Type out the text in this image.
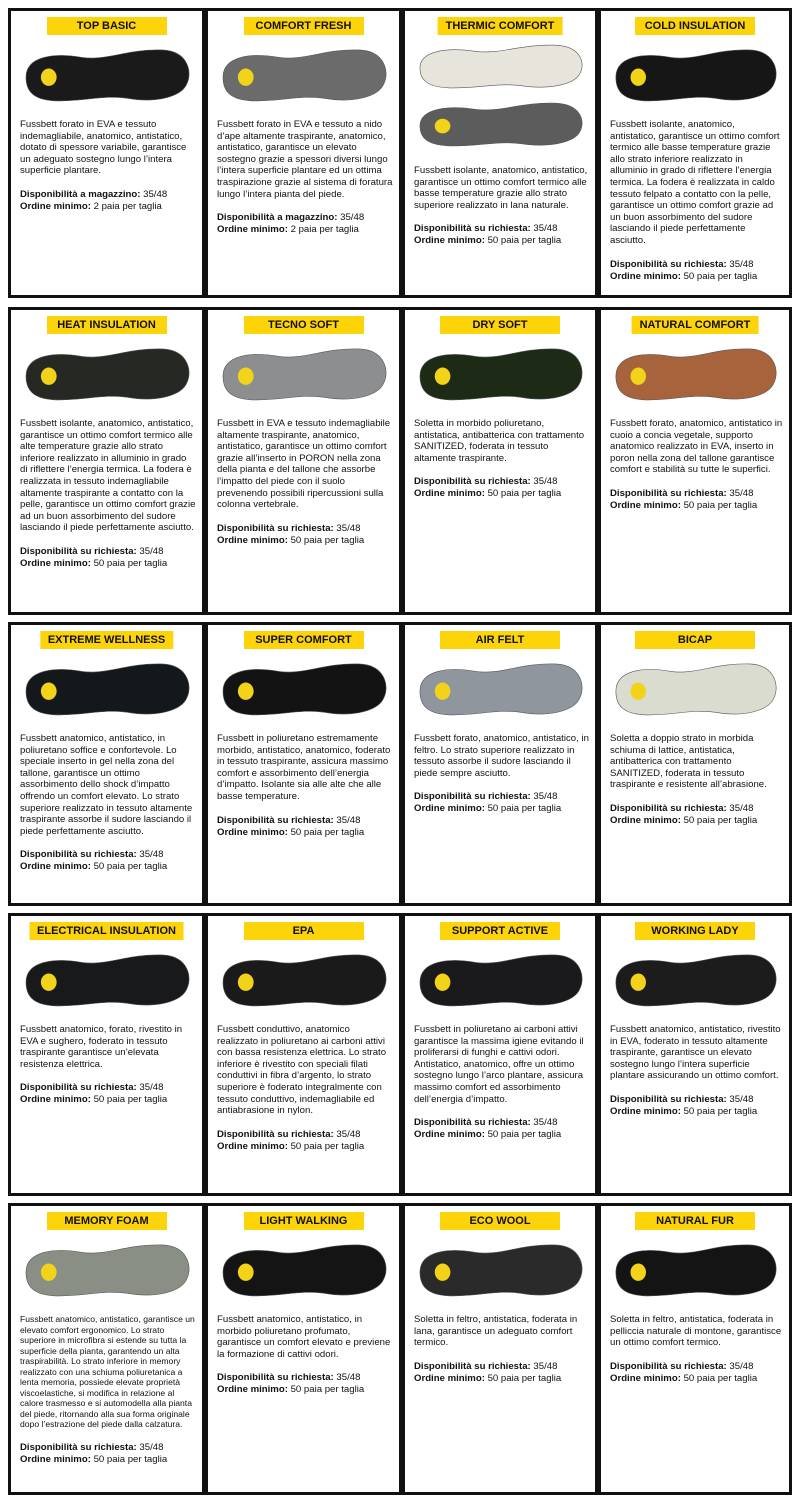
TOP BASIC
Fussbett forato in EVA e tessuto indemagliabile, anatomico, antistatico, dotato di spessore variabile, garantisce un adeguato sostegno lungo l’intera superficie plantare.
Disponibilità a magazzino: 35/48
Ordine minimo: 2 paia per taglia
COMFORT FRESH
Fussbett forato in EVA e tessuto a nido d’ape altamente traspirante, anatomico, antistatico, garantisce un elevato sostegno grazie a spessori diversi lungo l’intera superficie plantare ed un ottima traspirazione grazie al sistema di foratura lungo l’intera pianta del piede.
Disponibilità a magazzino: 35/48
Ordine minimo: 2 paia per taglia
THERMIC COMFORT
Fussbett isolante, anatomico, antistatico, garantisce un ottimo comfort termico alle basse temperature grazie allo strato superiore realizzato in lana naturale.
Disponibilità su richiesta: 35/48
Ordine minimo: 50 paia per taglia
COLD INSULATION
Fussbett isolante, anatomico, antistatico, garantisce un ottimo comfort termico alle basse temperature grazie allo strato inferiore realizzato in alluminio in grado di riflettere l’energia termica. La fodera è realizzata in caldo tessuto felpato a contatto con la pelle, garantisce un ottimo comfort grazie ad un buon assorbimento del sudore lasciando il piede perfettamente asciutto.
Disponibilità su richiesta: 35/48
Ordine minimo: 50 paia per taglia
HEAT INSULATION
Fussbett isolante, anatomico, antistatico, garantisce un ottimo comfort termico alle alte temperature grazie allo strato inferiore realizzato in alluminio in grado di riflettere l’energia termica. La fodera è realizzata in tessuto indemagliabile altamente traspirante a contatto con la pelle, garantisce un ottimo comfort grazie ad un buon assorbimento del sudore lasciando il piede perfettamente asciutto.
Disponibilità su richiesta: 35/48
Ordine minimo: 50 paia per taglia
TECNO SOFT
Fussbett in EVA e tessuto indemagliabile altamente traspirante, anatomico, antistatico, garantisce un ottimo comfort grazie all’inserto in PORON nella zona della pianta e del tallone che assorbe l’impatto del piede con il suolo prevenendo possibili ripercussioni sulla colonna vertebrale.
Disponibilità su richiesta: 35/48
Ordine minimo: 50 paia per taglia
DRY SOFT
Soletta in morbido poliuretano, antistatica, antibatterica con trattamento SANITIZED, foderata in tessuto altamente traspirante.
Disponibilità su richiesta: 35/48
Ordine minimo: 50 paia per taglia
NATURAL COMFORT
Fussbett forato, anatomico, antistatico in cuoio a concia vegetale, supporto anatomico realizzato in EVA, inserto in poron nella zona del tallone garantisce comfort e stabilità su tutte le superfici.
Disponibilità su richiesta: 35/48
Ordine minimo: 50 paia per taglia
EXTREME WELLNESS
Fussbett anatomico, antistatico, in poliuretano soffice e confortevole. Lo speciale inserto in gel nella zona del tallone, garantisce un ottimo assorbimento dello shock d’impatto offrendo un comfort elevato. Lo strato superiore realizzato in tessuto altamente traspirante assorbe il sudore lasciando il piede perfettamente asciutto.
Disponibilità su richiesta: 35/48
Ordine minimo: 50 paia per taglia
SUPER COMFORT
Fussbett in poliuretano estremamente morbido, antistatico, anatomico, foderato in tessuto traspirante, assicura massimo comfort e assorbimento dell’energia d’impatto. Isolante sia alle alte che alle basse temperature.
Disponibilità su richiesta: 35/48
Ordine minimo: 50 paia per taglia
AIR FELT
Fussbett forato, anatomico, antistatico, in feltro. Lo strato superiore realizzato in tessuto assorbe il sudore lasciando il piede sempre asciutto.
Disponibilità su richiesta: 35/48
Ordine minimo: 50 paia per taglia
BICAP
Soletta a doppio strato in morbida schiuma di lattice, antistatica, antibatterica con trattamento SANITIZED, foderata in tessuto traspirante e resistente all’abrasione.
Disponibilità su richiesta: 35/48
Ordine minimo: 50 paia per taglia
ELECTRICAL INSULATION
Fussbett anatomico, forato, rivestito in EVA e sughero, foderato in tessuto traspirante garantisce un’elevata resistenza elettrica.
Disponibilità su richiesta: 35/48
Ordine minimo: 50 paia per taglia
EPA
Fussbett conduttivo, anatomico realizzato in poliuretano ai carboni attivi con bassa resistenza elettrica. Lo strato inferiore è rivestito con speciali filati conduttivi in fibra d’argento, lo strato superiore è foderato integralmente con tessuto conduttivo, indemagliabile ed antiabrasione in nylon.
Disponibilità su richiesta: 35/48
Ordine minimo: 50 paia per taglia
SUPPORT ACTIVE
Fussbett in poliuretano ai carboni attivi garantisce la massima igiene evitando il proliferarsi di funghi e cattivi odori. Antistatico, anatomico, offre un ottimo sostegno lungo l’arco plantare, assicura massimo comfort ed assorbimento dell’energia d’impatto.
Disponibilità su richiesta: 35/48
Ordine minimo: 50 paia per taglia
WORKING LADY
Fussbett anatomico, antistatico, rivestito in EVA, foderato in tessuto altamente traspirante, garantisce un elevato sostegno lungo l’intera superficie plantare assicurando un ottimo comfort.
Disponibilità su richiesta: 35/48
Ordine minimo: 50 paia per taglia
MEMORY FOAM
Fussbett anatomico, antistatico, garantisce un elevato comfort ergonomico. Lo strato superiore in microfibra si estende su tutta la superficie della pianta, garantendo un alta traspirabilità. Lo strato inferiore in memory realizzato con una schiuma poliuretanica a lenta memoria, possiede elevate proprietà viscoelastiche, si modifica in relazione al calore trasmesso e si automodella alla pianta del piede, ritornando alla sua forma originale dopo l’estrazione del piede dalla calzatura.
Disponibilità su richiesta: 35/48
Ordine minimo: 50 paia per taglia
LIGHT WALKING
Fussbett anatomico, antistatico, in morbido poliuretano profumato, garantisce un comfort elevato e previene la formazione di cattivi odori.
Disponibilità su richiesta: 35/48
Ordine minimo: 50 paia per taglia
ECO WOOL
Soletta in feltro, antistatica, foderata in lana, garantisce un adeguato comfort termico.
Disponibilità su richiesta: 35/48
Ordine minimo: 50 paia per taglia
NATURAL FUR
Soletta in feltro, antistatica, foderata in pelliccia naturale di montone, garantisce un ottimo comfort termico.
Disponibilità su richiesta: 35/48
Ordine minimo: 50 paia per taglia
